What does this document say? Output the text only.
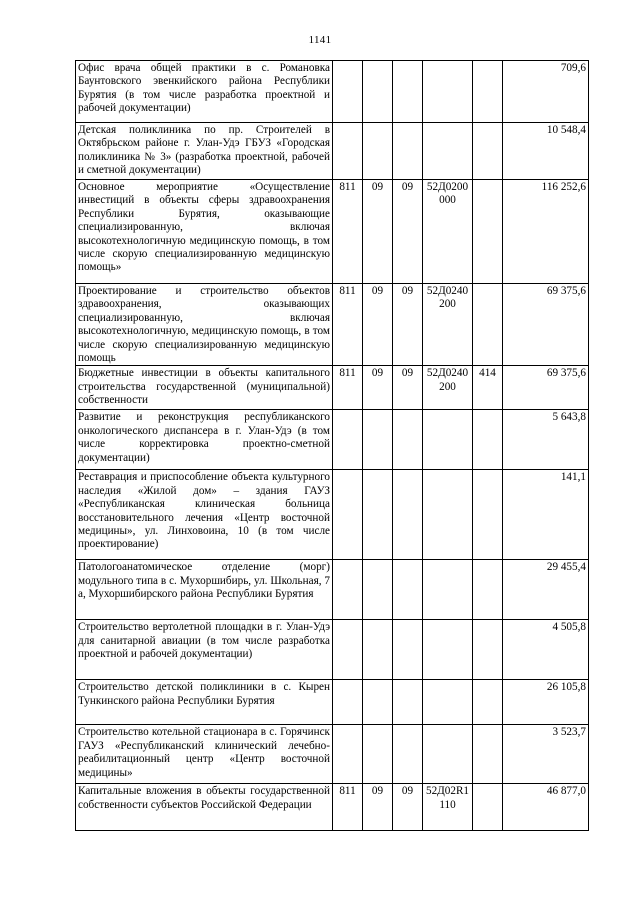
1141
Офис врача общей практики в с. Романовка Баунтовского эвенкийского района Республики Бурятия (в том числе разработка проектной и рабочей документации)						709,6
Детская поликлиника по пр. Строителей в Октябрьском районе г. Улан-Удэ ГБУЗ «Городская поликлиника № 3» (разработка проектной, рабочей и сметной документации)						10 548,4
Основное мероприятие «Осуществление инвестиций в объекты сферы здравоохранения Республики Бурятия, оказывающие специализированную, включая высокотехнологичную медицинскую помощь, в том числе скорую специализированную медицинскую помощь»	811	09	09	52Д0200 000		116 252,6
Проектирование и строительство объектов здравоохранения, оказывающих специализированную, включая высокотехнологичную, медицинскую помощь, в том числе скорую специализированную медицинскую помощь	811	09	09	52Д0240 200		69 375,6
Бюджетные инвестиции в объекты капитального строительства государственной (муниципальной) собственности	811	09	09	52Д0240 200	414	69 375,6
Развитие и реконструкция республиканского онкологического диспансера в г. Улан-Удэ (в том числе корректировка проектно-сметной документации)						5 643,8
Реставрация и приспособление объекта культурного наследия «Жилой дом» – здания ГАУЗ «Республиканская клиническая больница восстановительного лечения «Центр восточной медицины», ул. Линховоина, 10 (в том числе проектирование)						141,1
Патологоанатомическое отделение (морг) модульного типа в с. Мухоршибирь, ул. Школьная, 7 а, Мухоршибирского района Республики Бурятия						29 455,4
Строительство вертолетной площадки в г. Улан-Удэ для санитарной авиации (в том числе разработка проектной и рабочей документации)						4 505,8
Строительство детской поликлиники в с. Кырен Тункинского района Республики Бурятия						26 105,8
Строительство котельной стационара в с. Горячинск ГАУЗ «Республиканский клинический лечебно-реабилитационный центр «Центр восточной медицины»						3 523,7
Капитальные вложения в объекты государственной собственности субъектов Российской Федерации	811	09	09	52Д02R1 110		46 877,0
